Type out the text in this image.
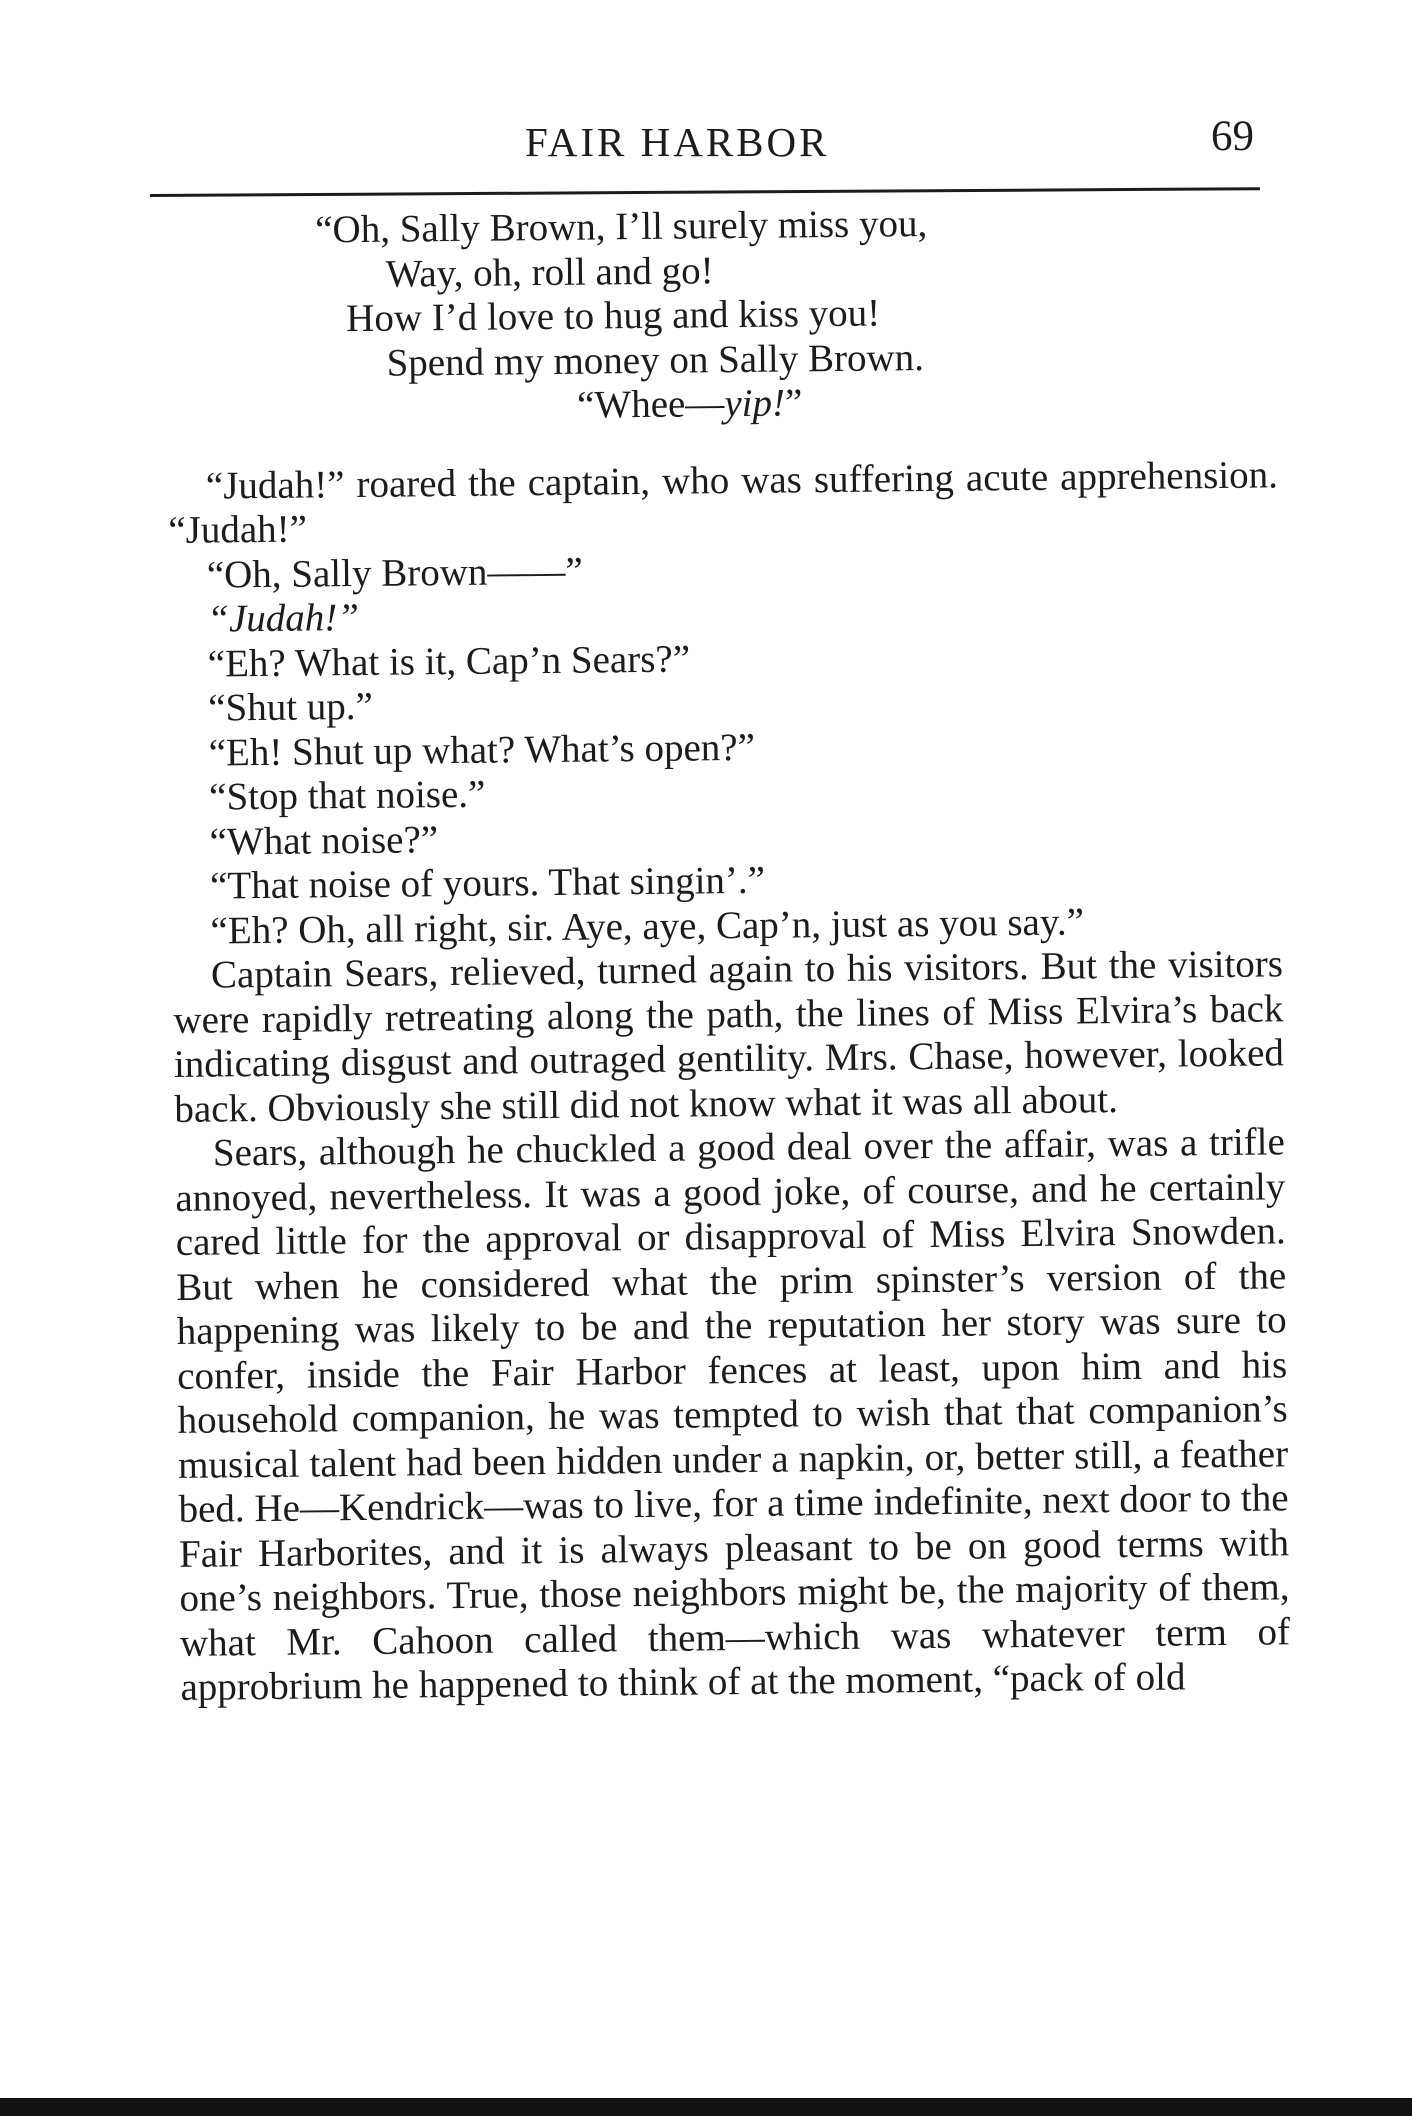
FAIR HARBOR	69
“Oh, Sally Brown, I’ll surely miss you,
Way, oh, roll and go!
How I’d love to hug and kiss you!
Spend my money on Sally Brown.
“Whee—yip!”

“Judah!” roared the captain, who was suffering acute apprehension. “Judah!”

“Oh, Sally Brown——”

“Judah!”

“Eh? What is it, Cap’n Sears?”

“Shut up.”

“Eh! Shut up what? What’s open?”

“Stop that noise.”

“What noise?”

“That noise of yours. That singin’.”

“Eh? Oh, all right, sir. Aye, aye, Cap’n, just as you say.”

Captain Sears, relieved, turned again to his visitors. But the visitors were rapidly retreating along the path, the lines of Miss Elvira’s back indicating disgust and outraged gentility. Mrs. Chase, however, looked back. Obviously she still did not know what it was all about.

Sears, although he chuckled a good deal over the affair, was a trifle annoyed, nevertheless. It was a good joke, of course, and he certainly cared little for the approval or disapproval of Miss Elvira Snowden. But when he considered what the prim spinster’s version of the happening was likely to be and the reputation her story was sure to confer, inside the Fair Harbor fences at least, upon him and his household companion, he was tempted to wish that that companion’s musical talent had been hidden under a napkin, or, better still, a feather bed. He—Kendrick—was to live, for a time indefinite, next door to the Fair Harborites, and it is always pleasant to be on good terms with one’s neighbors. True, those neighbors might be, the majority of them, what Mr. Cahoon called them—which was whatever term of approbrium he happened to think of at the moment, “pack of old
